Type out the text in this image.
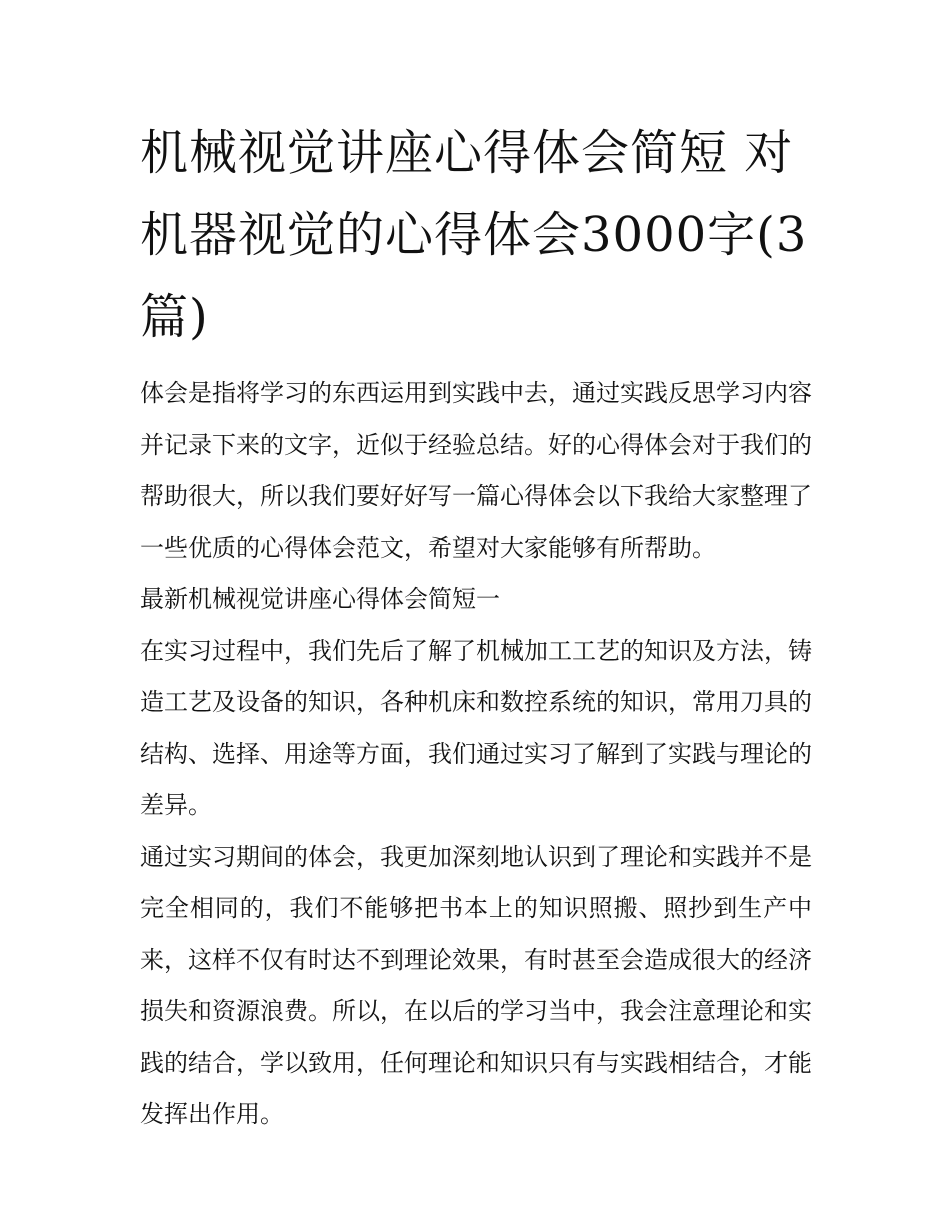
机械视觉讲座心得体会简短 对机器视觉的心得体会3000字(3篇)

体会是指将学习的东西运用到实践中去，通过实践反思学习内容并记录下来的文字，近似于经验总结。好的心得体会对于我们的帮助很大，所以我们要好好写一篇心得体会以下我给大家整理了一些优质的心得体会范文，希望对大家能够有所帮助。

最新机械视觉讲座心得体会简短一

在实习过程中，我们先后了解了机械加工工艺的知识及方法，铸造工艺及设备的知识，各种机床和数控系统的知识，常用刀具的结构、选择、用途等方面，我们通过实习了解到了实践与理论的差异。

通过实习期间的体会，我更加深刻地认识到了理论和实践并不是完全相同的，我们不能够把书本上的知识照搬、照抄到生产中来，这样不仅有时达不到理论效果，有时甚至会造成很大的经济损失和资源浪费。所以，在以后的学习当中，我会注意理论和实践的结合，学以致用，任何理论和知识只有与实践相结合，才能发挥出作用。
